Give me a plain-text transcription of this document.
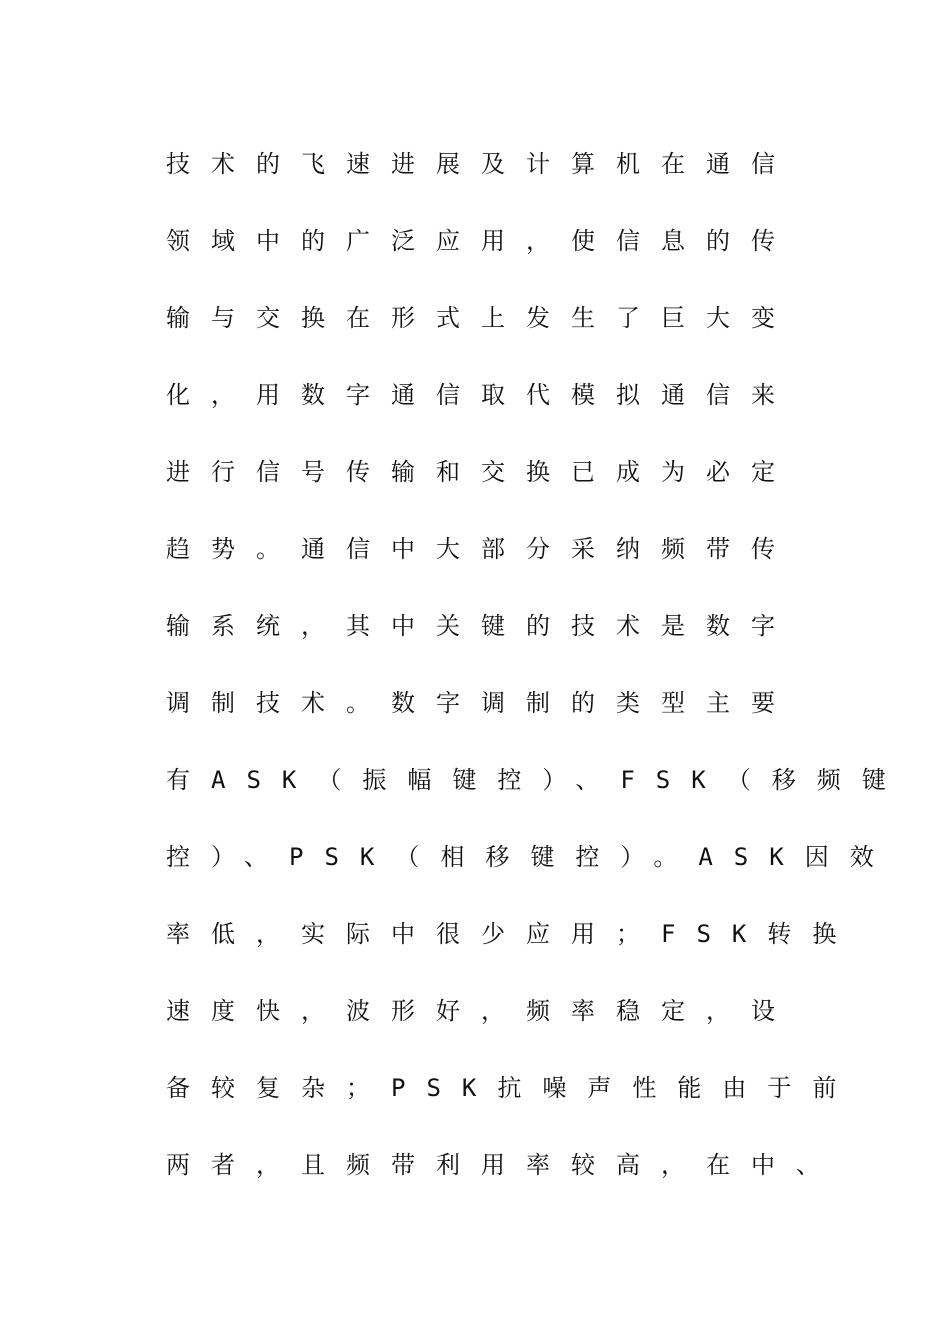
技术的飞速进展及计算机在通信
领域中的广泛应用，使信息的传
输与交换在形式上发生了巨大变
化，用数字通信取代模拟通信来
进行信号传输和交换已成为必定
趋势。通信中大部分采纳频带传
输系统，其中关键的技术是数字
调制技术。数字调制的类型主要
有ASK（振幅键控）、FSK（移频键
控）、PSK（相移键控）。ASK因效
率低，实际中很少应用；FSK转换
速度快，波形好，频率稳定，设
备较复杂；PSK抗噪声性能由于前
两者，且频带利用率较高，在中、
